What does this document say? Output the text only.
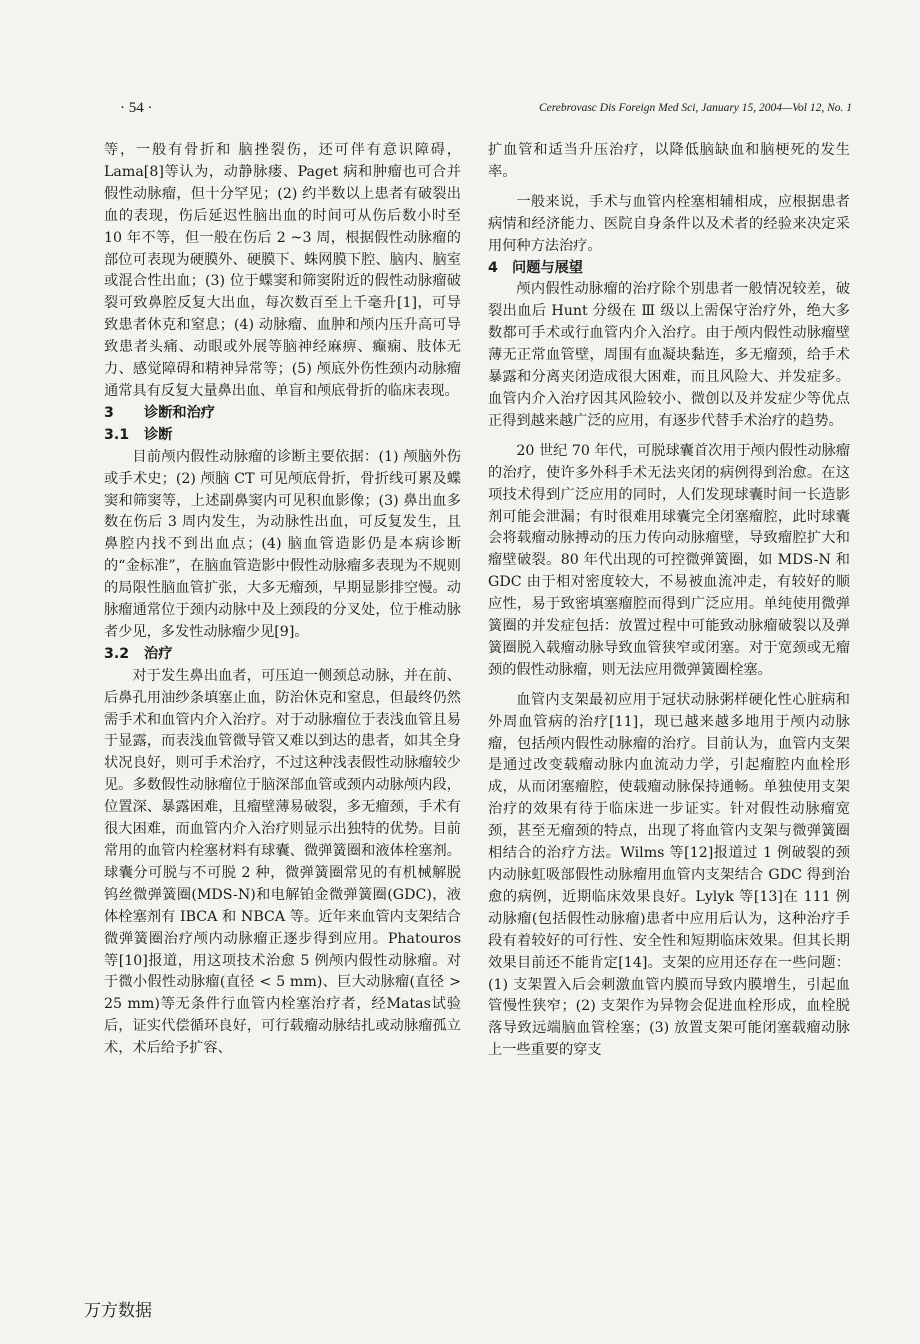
· 54 ·	Cerebrovasc Dis Foreign Med Sci, January 15, 2004—Vol 12, No. 1

等，一般有骨折和 脑挫裂伤，还可伴有意识障碍，Lama[8]等认为，动静脉瘘、Paget 病和肿瘤也可合并假性动脉瘤，但十分罕见；(2) 约半数以上患者有破裂出血的表现，伤后延迟性脑出血的时间可从伤后数小时至 10 年不等，但一般在伤后 2 ~3 周，根据假性动脉瘤的部位可表现为硬膜外、硬膜下、蛛网膜下腔、脑内、脑室或混合性出血；(3) 位于蝶窦和筛窦附近的假性动脉瘤破裂可致鼻腔反复大出血，每次数百至上千毫升[1]，可导致患者休克和窒息；(4) 动脉瘤、血肿和颅内压升高可导致患者头痛、动眼或外展等脑神经麻痹、癫痫、肢体无力、感觉障碍和精神异常等；(5) 颅底外伤性颈内动脉瘤通常具有反复大量鼻出血、单盲和颅底骨折的临床表现。

3 诊断和治疗
3.1 诊断

目前颅内假性动脉瘤的诊断主要依据：(1) 颅脑外伤或手术史；(2) 颅脑 CT 可见颅底骨折，骨折线可累及蝶窦和筛窦等，上述副鼻窦内可见积血影像；(3) 鼻出血多数在伤后 3 周内发生，为动脉性出血，可反复发生，且鼻腔内找不到出血点；(4) 脑血管造影仍是本病诊断的“金标准”，在脑血管造影中假性动脉瘤多表现为不规则的局限性脑血管扩张，大多无瘤颈，早期显影排空慢。动脉瘤通常位于颈内动脉中及上颈段的分叉处，位于椎动脉者少见，多发性动脉瘤少见[9]。

3.2 治疗

对于发生鼻出血者，可压迫一侧颈总动脉，并在前、后鼻孔用油纱条填塞止血，防治休克和窒息，但最终仍然需手术和血管内介入治疗。对于动脉瘤位于表浅血管且易于显露，而表浅血管微导管又难以到达的患者，如其全身状况良好，则可手术治疗，不过这种浅表假性动脉瘤较少见。多数假性动脉瘤位于脑深部血管或颈内动脉颅内段，位置深、暴露困难，且瘤壁薄易破裂，多无瘤颈，手术有很大困难，而血管内介入治疗则显示出独特的优势。目前常用的血管内栓塞材料有球囊、微弹簧圈和液体栓塞剂。球囊分可脱与不可脱 2 种，微弹簧圈常见的有机械解脱钨丝微弹簧圈(MDS-N)和电解铂金微弹簧圈(GDC)，液体栓塞剂有 IBCA 和 NBCA 等。近年来血管内支架结合微弹簧圈治疗颅内动脉瘤正逐步得到应用。Phatouros 等[10]报道，用这项技术治愈 5 例颅内假性动脉瘤。对于微小假性动脉瘤(直径 < 5 mm)、巨大动脉瘤(直径 > 25 mm)等无条件行血管内栓塞治疗者，经Matas试验后，证实代偿循环良好，可行载瘤动脉结扎或动脉瘤孤立术，术后给予扩容、

扩血管和适当升压治疗，以降低脑缺血和脑梗死的发生率。

一般来说，手术与血管内栓塞相辅相成，应根据患者病情和经济能力、医院自身条件以及术者的经验来决定采用何种方法治疗。

4 问题与展望

颅内假性动脉瘤的治疗除个别患者一般情况较差，破裂出血后 Hunt 分级在 Ⅲ 级以上需保守治疗外，绝大多数都可手术或行血管内介入治疗。由于颅内假性动脉瘤壁薄无正常血管壁，周围有血凝块黏连，多无瘤颈，给手术暴露和分离夹闭造成很大困难，而且风险大、并发症多。血管内介入治疗因其风险较小、微创以及并发症少等优点正得到越来越广泛的应用，有逐步代替手术治疗的趋势。

20 世纪 70 年代，可脱球囊首次用于颅内假性动脉瘤的治疗，使许多外科手术无法夹闭的病例得到治愈。在这项技术得到广泛应用的同时，人们发现球囊时间一长造影剂可能会泄漏；有时很难用球囊完全闭塞瘤腔，此时球囊会将载瘤动脉搏动的压力传向动脉瘤壁，导致瘤腔扩大和瘤壁破裂。80 年代出现的可控微弹簧圈，如 MDS-N 和 GDC 由于相对密度较大，不易被血流冲走，有较好的顺应性，易于致密填塞瘤腔而得到广泛应用。单纯使用微弹簧圈的并发症包括：放置过程中可能致动脉瘤破裂以及弹簧圈脱入载瘤动脉导致血管狭窄或闭塞。对于宽颈或无瘤颈的假性动脉瘤，则无法应用微弹簧圈栓塞。

血管内支架最初应用于冠状动脉粥样硬化性心脏病和外周血管病的治疗[11]，现已越来越多地用于颅内动脉瘤，包括颅内假性动脉瘤的治疗。目前认为，血管内支架是通过改变载瘤动脉内血流动力学，引起瘤腔内血栓形成，从而闭塞瘤腔，使载瘤动脉保持通畅。单独使用支架治疗的效果有待于临床进一步证实。针对假性动脉瘤宽颈，甚至无瘤颈的特点，出现了将血管内支架与微弹簧圈相结合的治疗方法。Wilms 等[12]报道过 1 例破裂的颈内动脉虹吸部假性动脉瘤用血管内支架结合 GDC 得到治愈的病例，近期临床效果良好。Lylyk 等[13]在 111 例动脉瘤(包括假性动脉瘤)患者中应用后认为，这种治疗手段有着较好的可行性、安全性和短期临床效果。但其长期效果目前还不能肯定[14]。支架的应用还存在一些问题：(1) 支架置入后会刺激血管内膜而导致内膜增生，引起血管慢性狭窄；(2) 支架作为异物会促进血栓形成，血栓脱落导致远端脑血管栓塞；(3) 放置支架可能闭塞载瘤动脉上一些重要的穿支

万方数据
